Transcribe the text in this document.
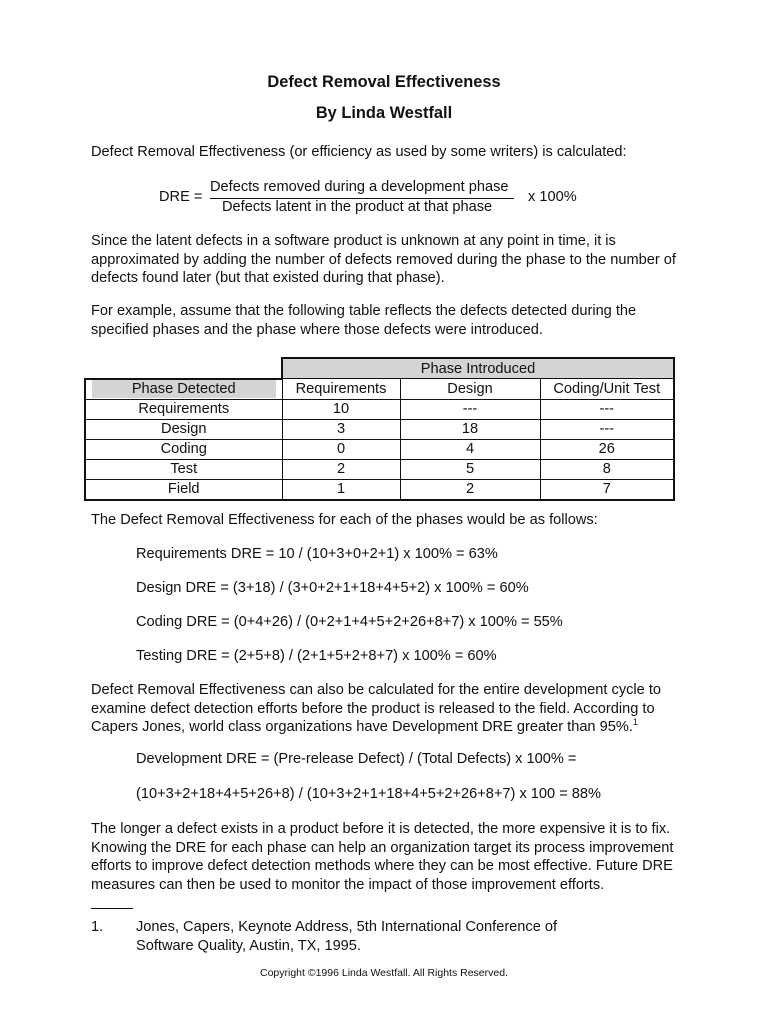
Defect Removal Effectiveness
By Linda Westfall
Defect Removal Effectiveness (or efficiency as used by some writers) is calculated:
DRE =
Defects removed during a development phase
Defects latent in the product at that phase
x 100%
Since the latent defects in a software product is unknown at any point in time, it is approximated by adding the number of defects removed during the phase to the number of defects found later (but that existed during that phase).
For example, assume that the following table reflects the defects detected during the specified phases and the phase where those defects were introduced.
	Phase Introduced		

Phase Detected	Requirements	Design	Coding/Unit Test
Requirements	10	---	---
Design	3	18	---
Coding	0	4	26
Test	2	5	8
Field	1	2	7
The Defect Removal Effectiveness for each of the phases would be as follows:
Requirements DRE = 10 / (10+3+0+2+1) x 100% = 63%
Design DRE = (3+18) / (3+0+2+1+18+4+5+2) x 100% = 60%
Coding DRE = (0+4+26) / (0+2+1+4+5+2+26+8+7) x 100% = 55%
Testing DRE = (2+5+8) / (2+1+5+2+8+7) x 100% = 60%
Defect Removal Effectiveness can also be calculated for the entire development cycle to examine defect detection efforts before the product is released to the field. According to Capers Jones, world class organizations have Development DRE greater than 95%.$^1$
Development DRE = (Pre-release Defect) / (Total Defects) x 100% =
(10+3+2+18+4+5+26+8) / (10+3+2+1+18+4+5+2+26+8+7) x 100 = 88%
The longer a defect exists in a product before it is detected, the more expensive it is to fix. Knowing the DRE for each phase can help an organization target its process improvement efforts to improve defect detection methods where they can be most effective. Future DRE measures can then be used to monitor the impact of those improvement efforts.
1. Jones, Capers, Keynote Address, 5th International Conference of Software Quality, Austin, TX, 1995.
Copyright ©1996 Linda Westfall. All Rights Reserved.
